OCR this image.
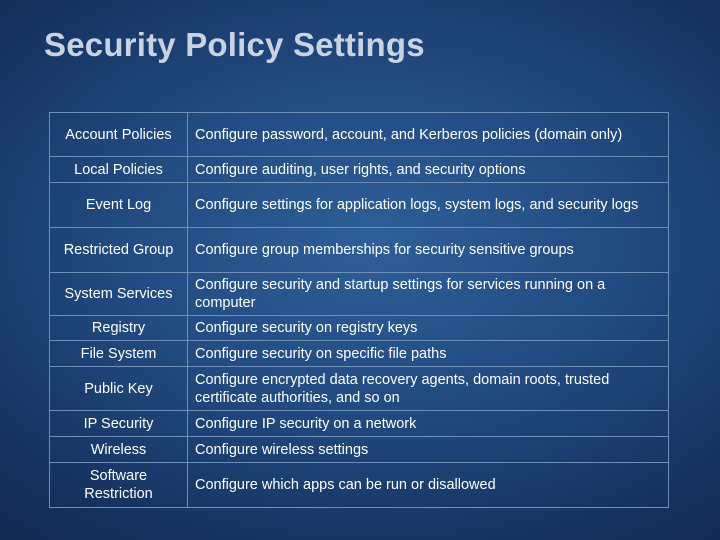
Security Policy Settings
Account Policies	Configure password, account, and Kerberos policies (domain only)
Local Policies	Configure auditing, user rights, and security options
Event Log	Configure settings for application logs, system logs, and security logs
Restricted Group	Configure group memberships for security sensitive groups
System Services	Configure security and startup settings for services running on a computer
Registry	Configure security on registry keys
File System	Configure security on specific file paths
Public Key	Configure encrypted data recovery agents, domain roots, trusted certificate authorities, and so on
IP Security	Configure IP security on a network
Wireless	Configure wireless settings
Software Restriction	Configure which apps can be run or disallowed
